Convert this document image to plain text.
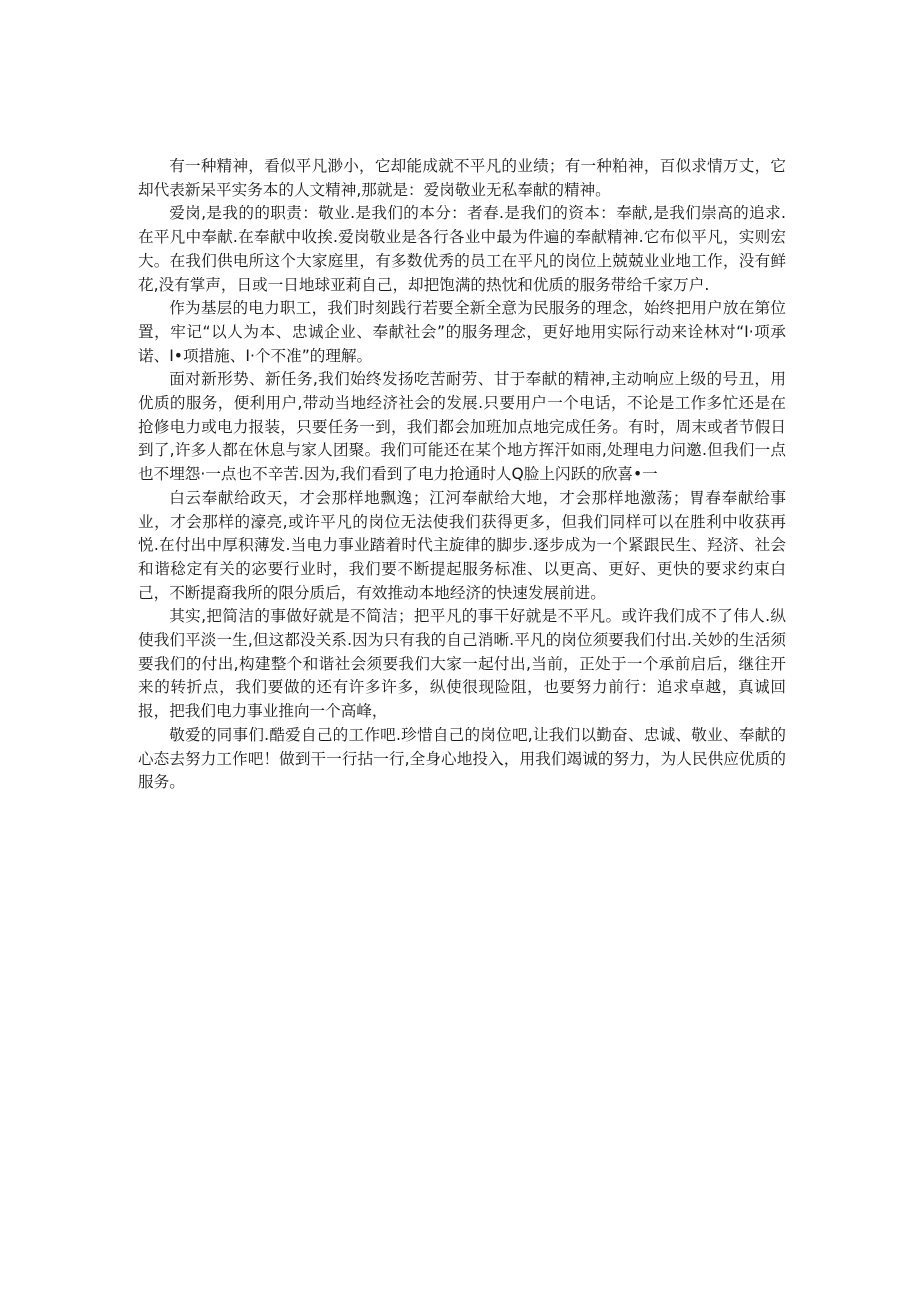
有一种精神，看似平凡渺小，它却能成就不平凡的业绩；有一种粕神，百似求情万丈，它却代表新呆平实务本的人文精神,那就是：爱岗敬业无私奉献的精神。

爱岗,是我的的职责：敬业.是我们的本分：者春.是我们的资本：奉献,是我们崇高的追求.在平凡中奉献.在奉献中收挨.爱岗敬业是各行各业中最为件遍的奉献精神.它布似平凡，实则宏大。在我们供电所这个大家庭里，有多数优秀的员工在平凡的岗位上兢兢业业地工作，没有鲜花,没有掌声，日或一日地球亚莉自己，却把饱满的热忱和优质的服务带给千家万户.

作为基层的电力职工，我们时刻践行若要全新全意为民服务的理念，始终把用户放在第位置，牢记“以人为本、忠诚企业、奉献社会”的服务理念，更好地用实际行动来诠林对“I·项承诺、I•项措施、I·个不准”的理解。

面对新形势、新任务,我们始终发扬吃苦耐劳、甘于奉献的精神,主动响应上级的号丑，用优质的服务，便利用户,带动当地经济社会的发展.只要用户一个电话，不论是工作多忙还是在抢修电力或电力报装，只要任务一到，我们都会加班加点地完成任务。有时，周末或者节假日到了,许多人都在休息与家人团聚。我们可能还在某个地方挥汗如雨,处理电力问邀.但我们一点也不埋怨·一点也不辛苦.因为,我们看到了电力抢通时人Q脸上闪跃的欣喜•一

白云奉献给政天，才会那样地飘逸；江河奉献给大地，才会那样地激荡；胃春奉献给事业，才会那样的濠亮,或许平凡的岗位无法使我们获得更多，但我们同样可以在胜利中收获再悦.在付出中厚积薄发.当电力事业踏着时代主旋律的脚步.逐步成为一个紧跟民生、羟济、社会和谐稔定有关的宓要行业时，我们要不断提起服务标准、以更高、更好、更快的要求约束白己，不断提裔我所的限分质后，有效推动本地经济的快速发展前进。

其实,把简洁的事做好就是不简洁；把平凡的事干好就是不平凡。或许我们成不了伟人.纵使我们平淡一生,但这都没关系.因为只有我的自己消晰.平凡的岗位须要我们付出.关妙的生活须要我们的付出,构建整个和谐社会须要我们大家一起付出,当前，正处于一个承前启后，继往开来的转折点，我们要做的还有许多许多，纵使很现险阻，也要努力前行：追求卓越，真诚回报，把我们电力事业推向一个高峰，

敬爱的同事们.酷爱自己的工作吧.珍惜自己的岗位吧,让我们以勤奋、忠诚、敬业、奉献的心态去努力工作吧！做到干一行拈一行,全身心地投入，用我们竭诚的努力，为人民供应优质的服务。
